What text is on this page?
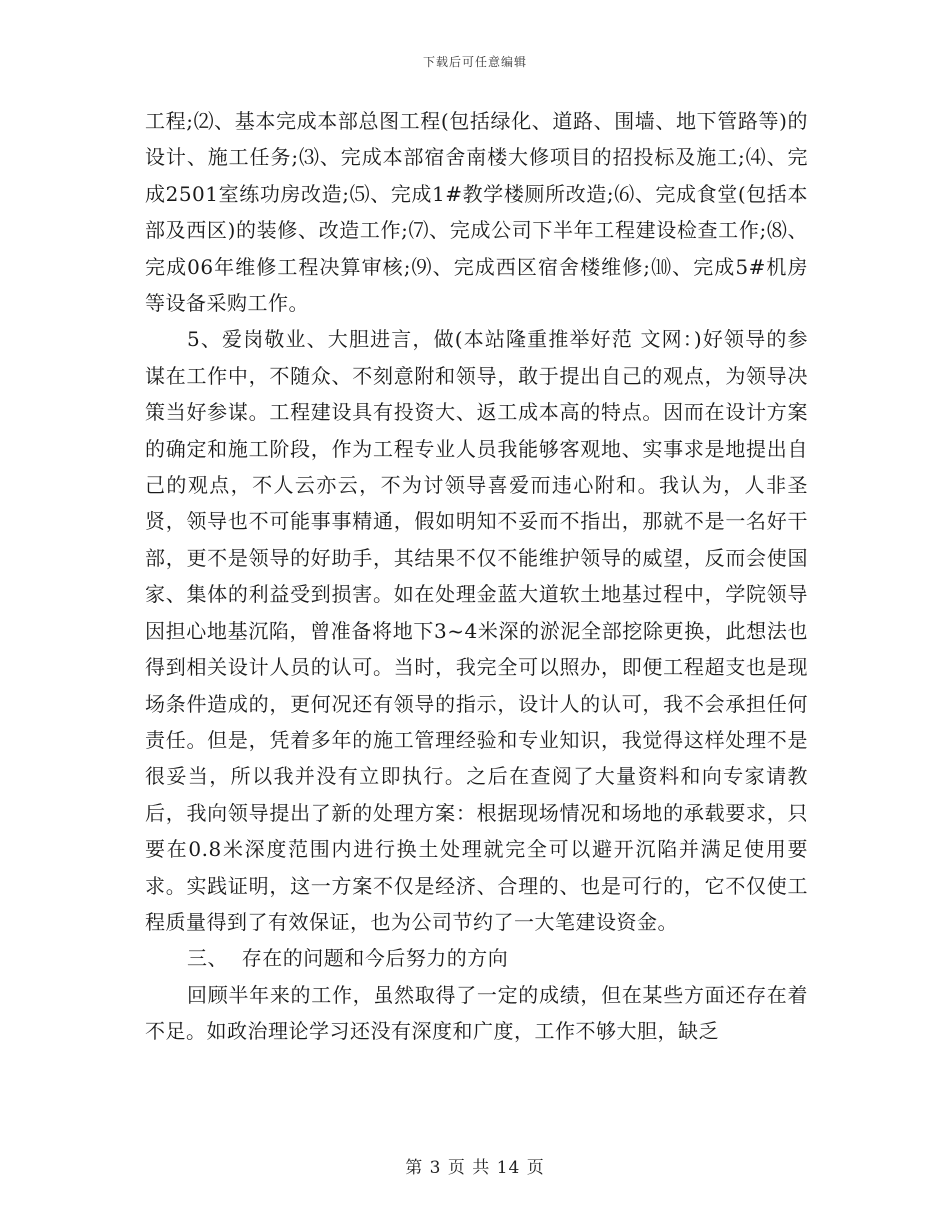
下载后可任意编辑

工程;⑵、基本完成本部总图工程(包括绿化、道路、围墙、地下管路等)的设计、施工任务;⑶、完成本部宿舍南楼大修项目的招投标及施工;⑷、完成2501室练功房改造;⑸、完成1#教学楼厕所改造;⑹、完成食堂(包括本部及西区)的装修、改造工作;⑺、完成公司下半年工程建设检查工作;⑻、完成06年维修工程决算审核;⑼、完成西区宿舍楼维修;⑽、完成5#机房等设备采购工作。

5、爱岗敬业、大胆进言，做(本站隆重推举好范 文网：)好领导的参谋在工作中，不随众、不刻意附和领导，敢于提出自己的观点，为领导决策当好参谋。工程建设具有投资大、返工成本高的特点。因而在设计方案的确定和施工阶段，作为工程专业人员我能够客观地、实事求是地提出自己的观点，不人云亦云，不为讨领导喜爱而违心附和。我认为，人非圣贤，领导也不可能事事精通，假如明知不妥而不指出，那就不是一名好干部，更不是领导的好助手，其结果不仅不能维护领导的威望，反而会使国家、集体的利益受到损害。如在处理金蓝大道软土地基过程中，学院领导因担心地基沉陷，曾准备将地下3~4米深的淤泥全部挖除更换，此想法也得到相关设计人员的认可。当时，我完全可以照办，即便工程超支也是现场条件造成的，更何况还有领导的指示，设计人的认可，我不会承担任何责任。但是，凭着多年的施工管理经验和专业知识，我觉得这样处理不是很妥当，所以我并没有立即执行。之后在查阅了大量资料和向专家请教后，我向领导提出了新的处理方案：根据现场情况和场地的承载要求，只要在0.8米深度范围内进行换土处理就完全可以避开沉陷并满足使用要求。实践证明，这一方案不仅是经济、合理的、也是可行的，它不仅使工程质量得到了有效保证，也为公司节约了一大笔建设资金。

三、  存在的问题和今后努力的方向

回顾半年来的工作，虽然取得了一定的成绩，但在某些方面还存在着不足。如政治理论学习还没有深度和广度，工作不够大胆，缺乏

第 3 页 共 14 页
